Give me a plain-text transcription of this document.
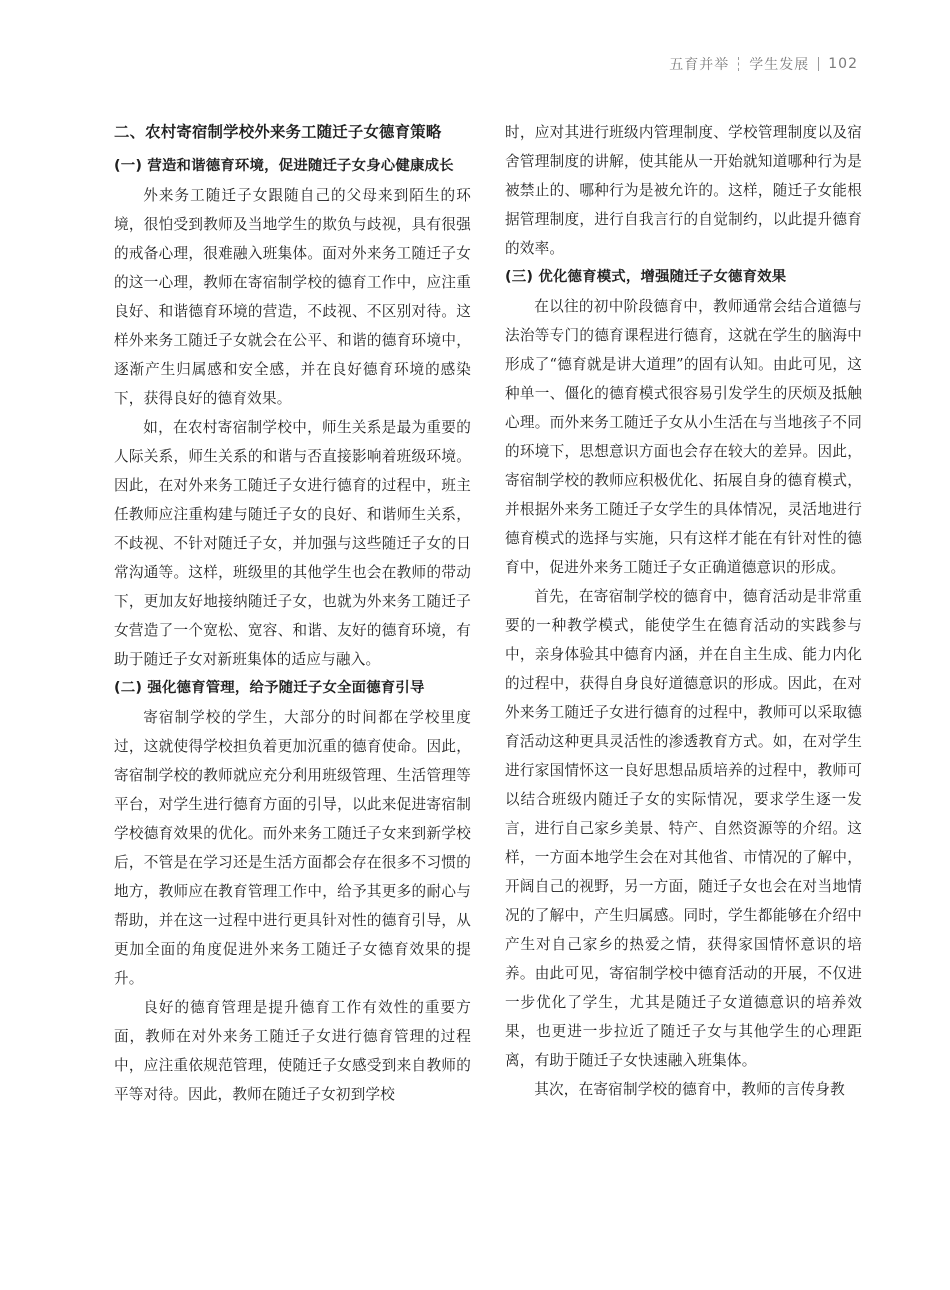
五育并举 学生发展 102
二、农村寄宿制学校外来务工随迁子女德育策略
(一) 营造和谐德育环境，促进随迁子女身心健康成长

外来务工随迁子女跟随自己的父母来到陌生的环境，很怕受到教师及当地学生的欺负与歧视，具有很强的戒备心理，很难融入班集体。面对外来务工随迁子女的这一心理，教师在寄宿制学校的德育工作中，应注重良好、和谐德育环境的营造，不歧视、不区别对待。这样外来务工随迁子女就会在公平、和谐的德育环境中，逐渐产生归属感和安全感，并在良好德育环境的感染下，获得良好的德育效果。

如，在农村寄宿制学校中，师生关系是最为重要的人际关系，师生关系的和谐与否直接影响着班级环境。因此，在对外来务工随迁子女进行德育的过程中，班主任教师应注重构建与随迁子女的良好、和谐师生关系，不歧视、不针对随迁子女，并加强与这些随迁子女的日常沟通等。这样，班级里的其他学生也会在教师的带动下，更加友好地接纳随迁子女，也就为外来务工随迁子女营造了一个宽松、宽容、和谐、友好的德育环境，有助于随迁子女对新班集体的适应与融入。

(二) 强化德育管理，给予随迁子女全面德育引导

寄宿制学校的学生，大部分的时间都在学校里度过，这就使得学校担负着更加沉重的德育使命。因此，寄宿制学校的教师就应充分利用班级管理、生活管理等平台，对学生进行德育方面的引导，以此来促进寄宿制学校德育效果的优化。而外来务工随迁子女来到新学校后，不管是在学习还是生活方面都会存在很多不习惯的地方，教师应在教育管理工作中，给予其更多的耐心与帮助，并在这一过程中进行更具针对性的德育引导，从更加全面的角度促进外来务工随迁子女德育效果的提升。

良好的德育管理是提升德育工作有效性的重要方面，教师在对外来务工随迁子女进行德育管理的过程中，应注重依规范管理，使随迁子女感受到来自教师的平等对待。因此，教师在随迁子女初到学校

时，应对其进行班级内管理制度、学校管理制度以及宿舍管理制度的讲解，使其能从一开始就知道哪种行为是被禁止的、哪种行为是被允许的。这样，随迁子女能根据管理制度，进行自我言行的自觉制约，以此提升德育的效率。

(三) 优化德育模式，增强随迁子女德育效果

在以往的初中阶段德育中，教师通常会结合道德与法治等专门的德育课程进行德育，这就在学生的脑海中形成了“德育就是讲大道理”的固有认知。由此可见，这种单一、僵化的德育模式很容易引发学生的厌烦及抵触心理。而外来务工随迁子女从小生活在与当地孩子不同的环境下，思想意识方面也会存在较大的差异。因此，寄宿制学校的教师应积极优化、拓展自身的德育模式，并根据外来务工随迁子女学生的具体情况，灵活地进行德育模式的选择与实施，只有这样才能在有针对性的德育中，促进外来务工随迁子女正确道德意识的形成。

首先，在寄宿制学校的德育中，德育活动是非常重要的一种教学模式，能使学生在德育活动的实践参与中，亲身体验其中德育内涵，并在自主生成、能力内化的过程中，获得自身良好道德意识的形成。因此，在对外来务工随迁子女进行德育的过程中，教师可以采取德育活动这种更具灵活性的渗透教育方式。如，在对学生进行家国情怀这一良好思想品质培养的过程中，教师可以结合班级内随迁子女的实际情况，要求学生逐一发言，进行自己家乡美景、特产、自然资源等的介绍。这样，一方面本地学生会在对其他省、市情况的了解中，开阔自己的视野，另一方面，随迁子女也会在对当地情况的了解中，产生归属感。同时，学生都能够在介绍中产生对自己家乡的热爱之情，获得家国情怀意识的培养。由此可见，寄宿制学校中德育活动的开展，不仅进一步优化了学生，尤其是随迁子女道德意识的培养效果，也更进一步拉近了随迁子女与其他学生的心理距离，有助于随迁子女快速融入班集体。

其次，在寄宿制学校的德育中，教师的言传身教
